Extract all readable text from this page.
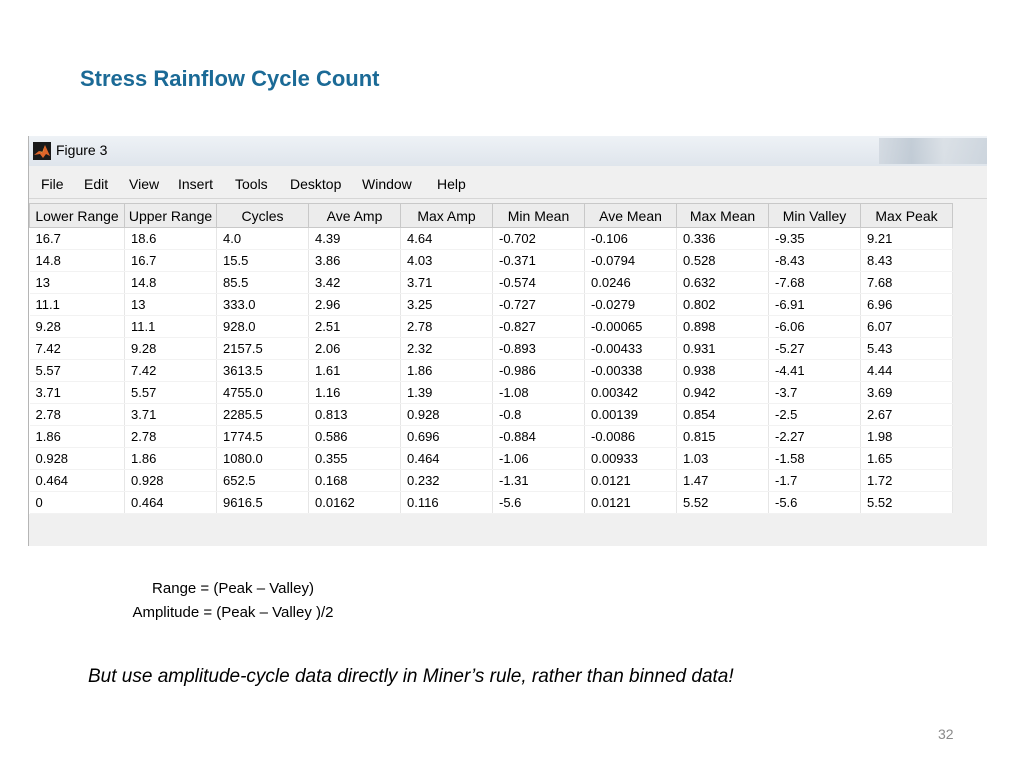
Stress Rainflow Cycle Count

Figure 3
File Edit View Insert Tools Desktop Window Help
Lower Range	Upper Range	Cycles	Ave Amp	Max Amp	Min Mean	Ave Mean	Max Mean	Min Valley	Max Peak
16.7	18.6	4.0	4.39	4.64	-0.702	-0.106	0.336	-9.35	9.21
14.8	16.7	15.5	3.86	4.03	-0.371	-0.0794	0.528	-8.43	8.43
13	14.8	85.5	3.42	3.71	-0.574	0.0246	0.632	-7.68	7.68
11.1	13	333.0	2.96	3.25	-0.727	-0.0279	0.802	-6.91	6.96
9.28	11.1	928.0	2.51	2.78	-0.827	-0.00065	0.898	-6.06	6.07
7.42	9.28	2157.5	2.06	2.32	-0.893	-0.00433	0.931	-5.27	5.43
5.57	7.42	3613.5	1.61	1.86	-0.986	-0.00338	0.938	-4.41	4.44
3.71	5.57	4755.0	1.16	1.39	-1.08	0.00342	0.942	-3.7	3.69
2.78	3.71	2285.5	0.813	0.928	-0.8	0.00139	0.854	-2.5	2.67
1.86	2.78	1774.5	0.586	0.696	-0.884	-0.0086	0.815	-2.27	1.98
0.928	1.86	1080.0	0.355	0.464	-1.06	0.00933	1.03	-1.58	1.65
0.464	0.928	652.5	0.168	0.232	-1.31	0.0121	1.47	-1.7	1.72
0	0.464	9616.5	0.0162	0.116	-5.6	0.0121	5.52	-5.6	5.52
Range = (Peak – Valley)
Amplitude = (Peak – Valley )/2
But use amplitude-cycle data directly in Miner’s rule, rather than binned data!
32
